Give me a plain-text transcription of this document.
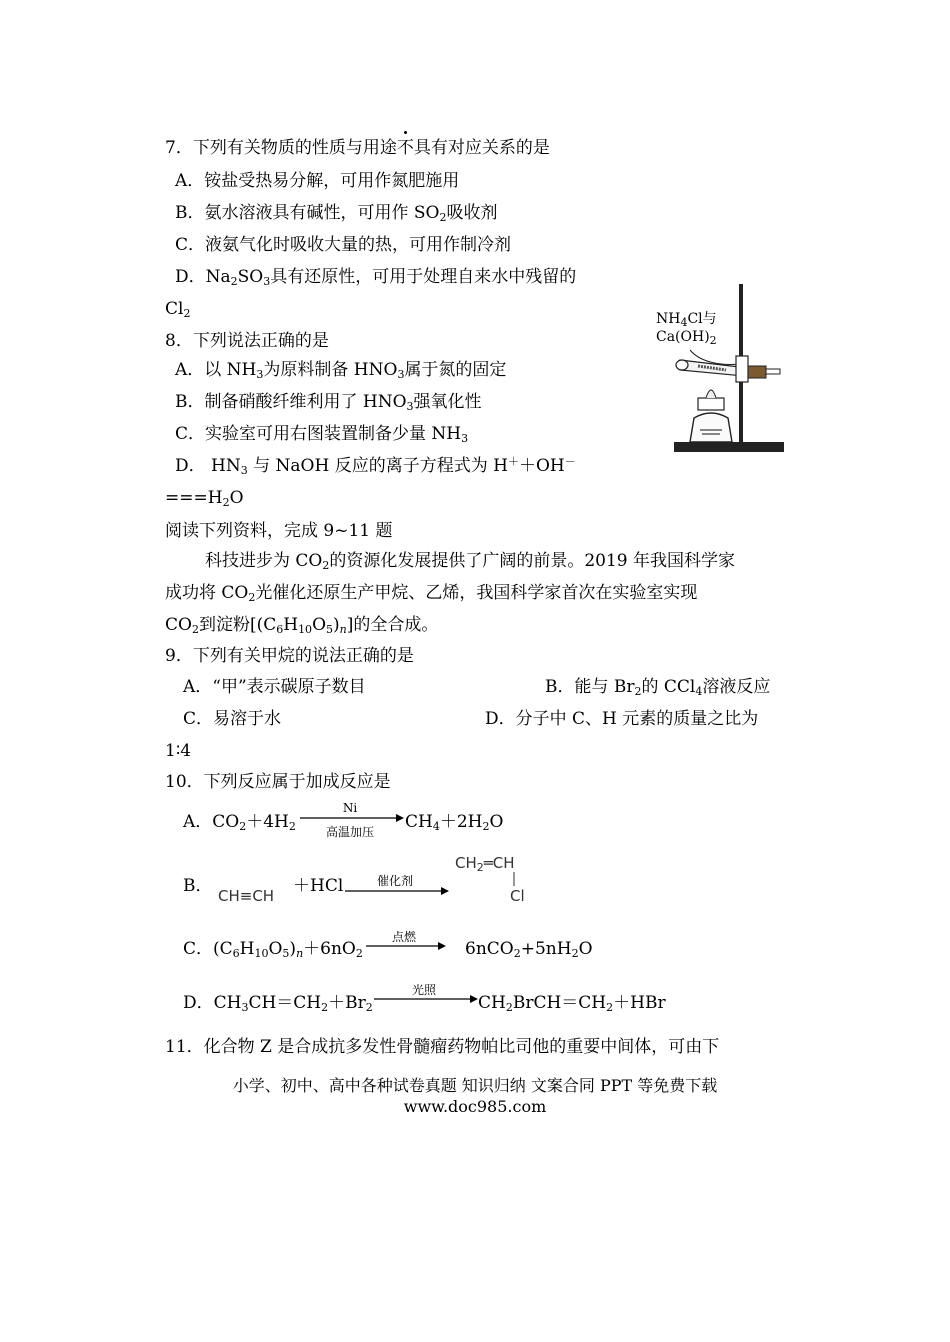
7．下列有关物质的性质与用途不具有对应关系的是
A．铵盐受热易分解，可用作氮肥施用
B．氨水溶液具有碱性，可用作 $SO_2$吸收剂
C．液氨气化时吸收大量的热，可用作制冷剂
D．$Na_2SO_3$具有还原性，可用于处理自来水中残留的
$Cl_2$
8．下列说法正确的是
A．以 $NH_3$为原料制备 $HNO_3$属于氮的固定
B．制备硝酸纤维利用了 $HNO_3$强氧化性
C．实验室可用右图装置制备少量 $NH_3$
D． $HN_3$ 与 NaOH 反应的离子方程式为 H＋＋OH－
$===H_2O$
$NH_4Cl$与
$Ca(OH)_2$
阅读下列资料，完成 9~11 题
科技进步为 $CO_2$的资源化发展提供了广阔的前景。2019 年我国科学家
成功将 $CO_2$光催化还原生产甲烷、乙烯，我国科学家首次在实验室实现
$CO_2$到淀粉$[(C_6H_{10}O_5)_n]$的全合成。
9．下列有关甲烷的说法正确的是
A．“甲”表示碳原子数目	B．能与 $Br_2$的 CCl$_4$溶液反应
C．易溶于水	D．分子中 C、H 元素的质量之比为
1∶4
10．下列反应属于加成反应是
A．$CO_2+4H_2$
Ni
高温加压	$CH_4+2H_2O$
B． CH≡CH ＋HCl	催化剂
$CH_2═CH$
Cl
C．$(C_6H_{10}O_5)_n+6nO_2$
点燃
$6nCO_2+5nH_2O$
D．$CH_3CH=CH_2+Br_2$
光照
$CH_2BrCH=CH_2+HBr$
11．化合物 Z 是合成抗多发性骨髓瘤药物帕比司他的重要中间体，可由下
小学、初中、高中各种试卷真题 知识归纳 文案合同 PPT 等免费下载
www.doc985.com
